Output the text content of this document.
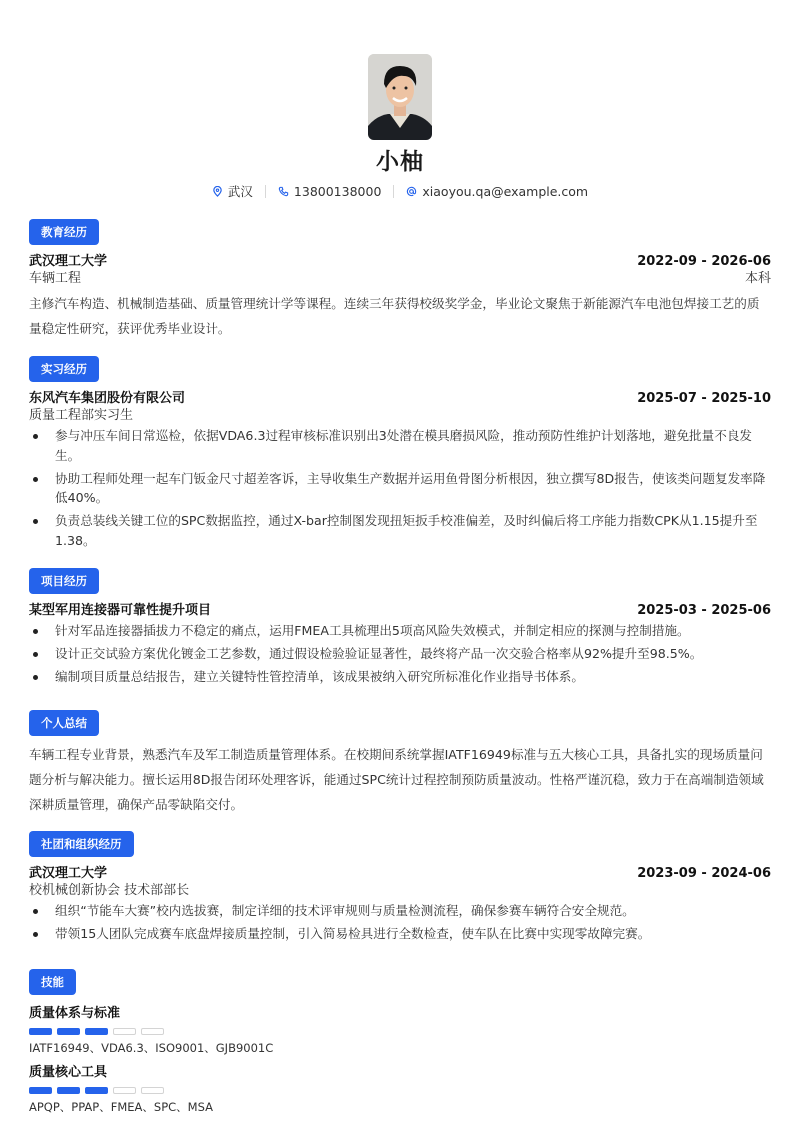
小柚
武汉	13800138000	xiaoyou.qa@example.com
教育经历
武汉理工大学	2022-09 - 2026-06
车辆工程	本科
主修汽车构造、机械制造基础、质量管理统计学等课程。连续三年获得校级奖学金，毕业论文聚焦于新能源汽车电池包焊接工艺的质量稳定性研究，获评优秀毕业设计。
实习经历
东风汽车集团股份有限公司	2025-07 - 2025-10
质量工程部实习生
参与冲压车间日常巡检，依据VDA6.3过程审核标准识别出3处潜在模具磨损风险，推动预防性维护计划落地，避免批量不良发生。
协助工程师处理一起车门钣金尺寸超差客诉，主导收集生产数据并运用鱼骨图分析根因，独立撰写8D报告，使该类问题复发率降低40%。
负责总装线关键工位的SPC数据监控，通过X-bar控制图发现扭矩扳手校准偏差，及时纠偏后将工序能力指数CPK从1.15提升至1.38。
项目经历
某型军用连接器可靠性提升项目	2025-03 - 2025-06
针对军品连接器插拔力不稳定的痛点，运用FMEA工具梳理出5项高风险失效模式，并制定相应的探测与控制措施。
设计正交试验方案优化镀金工艺参数，通过假设检验验证显著性，最终将产品一次交验合格率从92%提升至98.5%。
编制项目质量总结报告，建立关键特性管控清单，该成果被纳入研究所标准化作业指导书体系。
个人总结
车辆工程专业背景，熟悉汽车及军工制造质量管理体系。在校期间系统掌握IATF16949标准与五大核心工具，具备扎实的现场质量问题分析与解决能力。擅长运用8D报告闭环处理客诉，能通过SPC统计过程控制预防质量波动。性格严谨沉稳，致力于在高端制造领域深耕质量管理，确保产品零缺陷交付。
社团和组织经历
武汉理工大学	2023-09 - 2024-06
校机械创新协会 技术部部长
组织“节能车大赛”校内选拔赛，制定详细的技术评审规则与质量检测流程，确保参赛车辆符合安全规范。
带领15人团队完成赛车底盘焊接质量控制，引入简易检具进行全数检查，使车队在比赛中实现零故障完赛。
技能
质量体系与标准
IATF16949、VDA6.3、ISO9001、GJB9001C
质量核心工具
APQP、PPAP、FMEA、SPC、MSA
